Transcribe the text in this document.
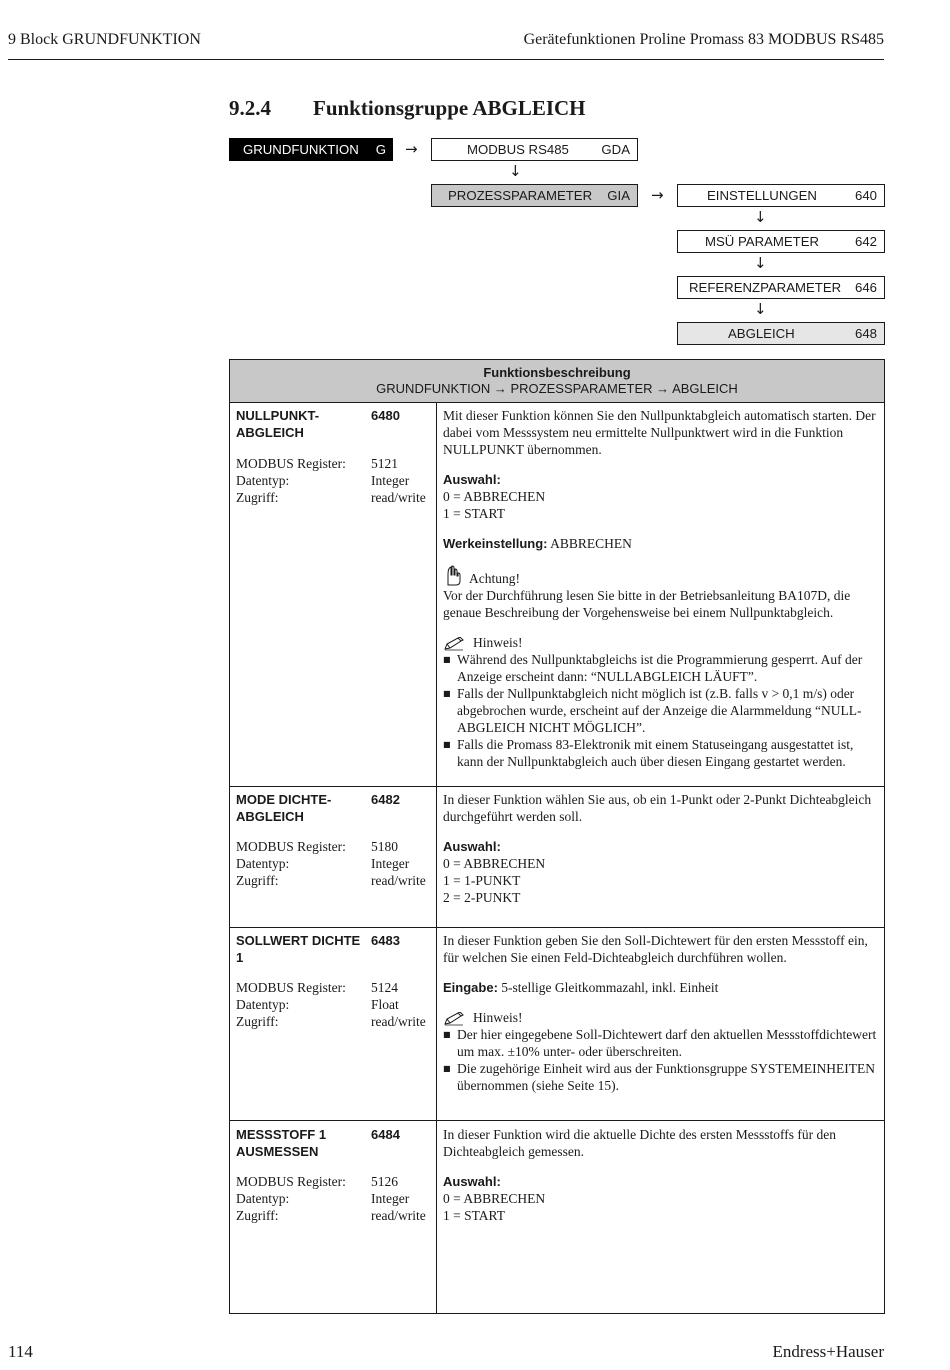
9 Block GRUNDFUNKTION	Gerätefunktionen Proline Promass 83 MODBUS RS485
9.2.4 Funktionsgruppe ABGLEICH
GRUNDFUNKTION G →	MODBUS RS485 GDA
↓
PROZESSPARAMETER GIA →	EINSTELLUNGEN	640
↓
MSÜ PARAMETER	642
↓
REFERENZPARAMETER 646
↓
ABGLEICH	648
Funktionsbeschreibung
GRUNDFUNKTION → PROZESSPARAMETER → ABGLEICH
NULLPUNKT-ABGLEICH
6480
MODBUS Register:	5121
Datentyp:	Integer
Zugriff:	read/write

Mit dieser Funktion können Sie den Nullpunktabgleich automatisch starten. Der dabei vom Messsystem neu ermittelte Nullpunktwert wird in die Funktion NULLPUNKT übernommen.

Auswahl:
0 = ABBRECHEN
1 = START
Werkeinstellung: ABBRECHEN
Achtung!

Vor der Durchführung lesen Sie bitte in der Betriebsanleitung BA107D, die genaue Beschreibung der Vorgehensweise bei einem Nullpunktabgleich.

Hinweis!
■ Während des Nullpunktabgleichs ist die Programmierung gesperrt. Auf der Anzeige erscheint dann: “NULLABGLEICH LÄUFT”.
■ Falls der Nullpunktabgleich nicht möglich ist (z.B. falls v > 0,1 m/s) oder abgebrochen wurde, erscheint auf der Anzeige die Alarmmeldung “NULL-ABGLEICH NICHT MÖGLICH”.
■ Falls die Promass 83-Elektronik mit einem Statuseingang ausgestattet ist, kann der Nullpunktabgleich auch über diesen Eingang gestartet werden.
MODE DICHTE-ABGLEICH
6482
MODBUS Register:	5180
Datentyp:	Integer
Zugriff:	read/write

In dieser Funktion wählen Sie aus, ob ein 1-Punkt oder 2-Punkt Dichteabgleich durchgeführt werden soll.

Auswahl:
0 = ABBRECHEN
1 = 1-PUNKT
2 = 2-PUNKT
SOLLWERT DICHTE 1
6483
MODBUS Register:	5124
Datentyp:	Float
Zugriff:	read/write

In dieser Funktion geben Sie den Soll-Dichtewert für den ersten Messstoff ein, für welchen Sie einen Feld-Dichteabgleich durchführen wollen.

Eingabe: 5-stellige Gleitkommazahl, inkl. Einheit
Hinweis!
■ Der hier eingegebene Soll-Dichtewert darf den aktuellen Messstoffdichtewert um max. ±10% unter- oder überschreiten.
■ Die zugehörige Einheit wird aus der Funktionsgruppe SYSTEMEINHEITEN übernommen (siehe Seite 15).
MESSSTOFF 1 AUSMESSEN
6484
MODBUS Register:	5126
Datentyp:	Integer
Zugriff:	read/write

In dieser Funktion wird die aktuelle Dichte des ersten Messstoffs für den Dichteabgleich gemessen.

Auswahl:
0 = ABBRECHEN
1 = START
114	Endress+Hauser
